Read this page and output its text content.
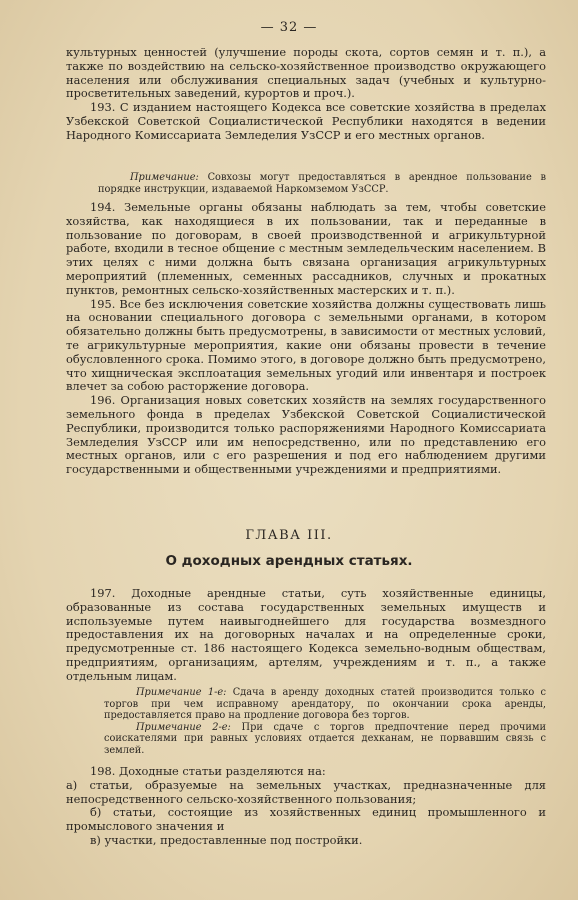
— 32 —

культурных ценностей (улучшение породы скота, сортов семян и т. п.), а также по воздействию на сельско-хозяйственное производство окружающего населения или обслуживания специальных задач (учебных и культурно-просветительных заведений, курортов и проч.).

193. С изданием настоящего Кодекса все советские хозяйства в пределах Узбекской Советской Социалистической Республики находятся в ведении Народного Комиссариата Земледелия УзССР и его местных органов.

Примечание: Совхозы могут предоставляться в арендное пользование в порядке инструкции, издаваемой Наркомземом УзССР.

194. Земельные органы обязаны наблюдать за тем, чтобы советские хозяйства, как находящиеся в их пользовании, так и переданные в пользование по договорам, в своей производственной и агрикультурной работе, входили в тесное общение с местным земледельческим населением. В этих целях с ними должна быть связана организация агрикультурных мероприятий (племенных, семенных рассадников, случных и прокатных пунктов, ремонтных сельско-хозяйственных мастерских и т. п.).

195. Все без исключения советские хозяйства должны существовать лишь на основании специального договора с земельными органами, в котором обязательно должны быть предусмотрены, в зависимости от местных условий, те агрикультурные мероприятия, какие они обязаны провести в течение обусловленного срока. Помимо этого, в договоре должно быть предусмотрено, что хищническая эксплоатация земельных угодий или инвентаря и построек влечет за собою расторжение договора.

196. Организация новых советских хозяйств на землях государственного земельного фонда в пределах Узбекской Советской Социалистической Республики, производится только распоряжениями Народного Комиссариата Земледелия УзССР или им непосредственно, или по представлению его местных органов, или с его разрешения и под его наблюдением другими государственными и общественными учреждениями и предприятиями.

ГЛАВА III.
О доходных арендных статьях.

197. Доходные арендные статьи, суть хозяйственные единицы, образованные из состава государственных земельных имуществ и используемые путем наивыгоднейшего для государства возмездного предоставления их на договорных началах и на определенные сроки, предусмотренные ст. 186 настоящего Кодекса земельно-водным обществам, предприятиям, организациям, артелям, учреждениям и т. п., а также отдельным лицам.

Примечание 1-е: Сдача в аренду доходных статей производится только с торгов при чем исправному арендатору, по окончании срока аренды, предоставляется право на продление договора без торгов.

Примечание 2-е: При сдаче с торгов предпочтение перед прочими соискателями при равных условиях отдается дехканам, не порвавшим связь с землей.

198. Доходные статьи разделяются на:

а) статьи, образуемые на земельных участках, предназначенные для непосредственного сельско-хозяйственного пользования;

б) статьи, состоящие из хозяйственных единиц промышленного и промыслового значения и

в) участки, предоставленные под постройки.
